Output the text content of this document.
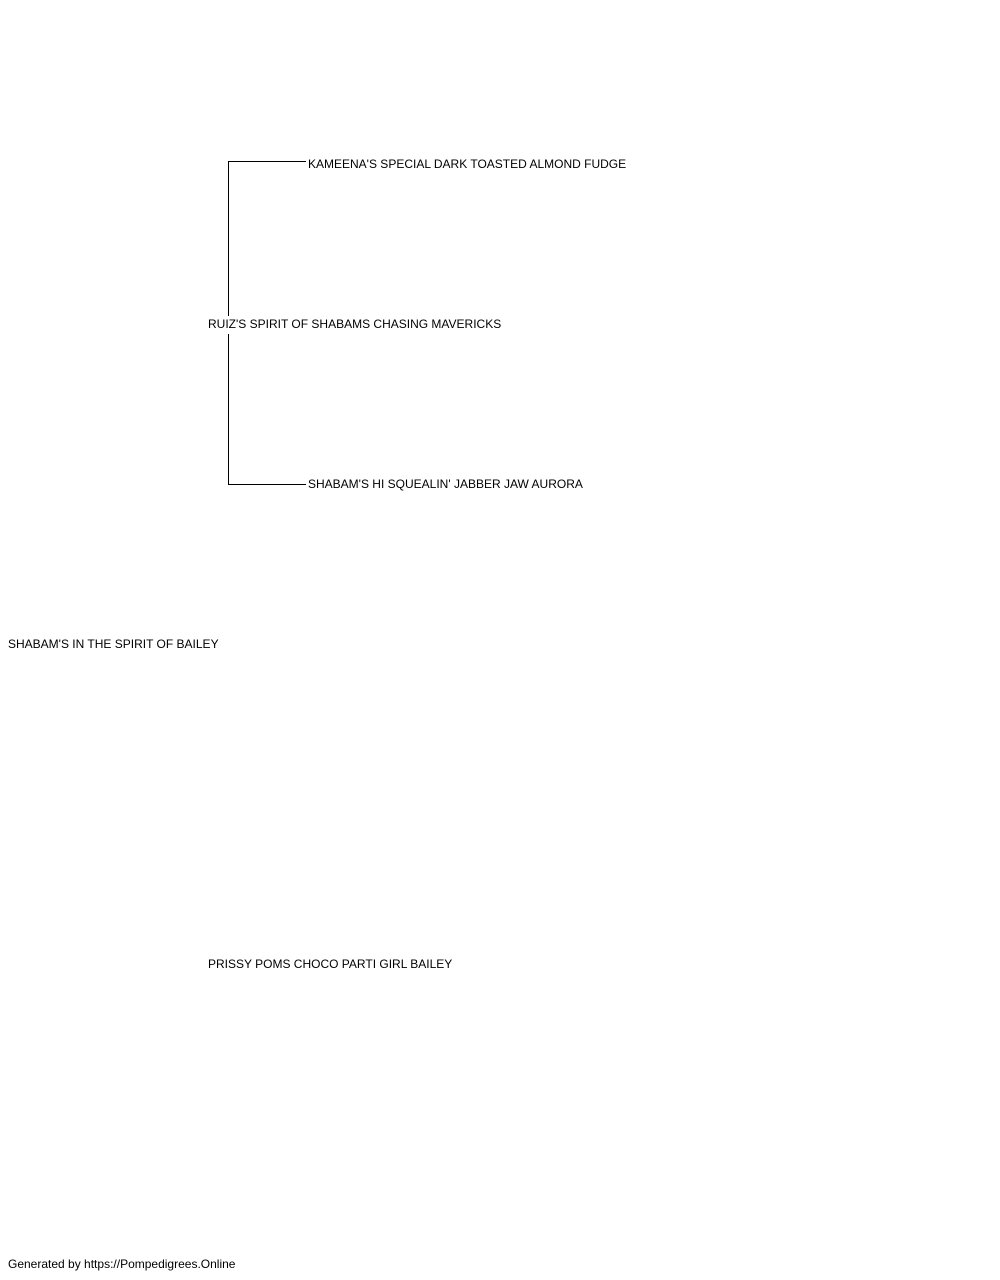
KAMEENA'S SPECIAL DARK TOASTED ALMOND FUDGE
RUIZ'S SPIRIT OF SHABAMS CHASING MAVERICKS
SHABAM'S HI SQUEALIN' JABBER JAW AURORA
SHABAM'S IN THE SPIRIT OF BAILEY
PRISSY POMS CHOCO PARTI GIRL BAILEY
Generated by https://Pompedigrees.Online
